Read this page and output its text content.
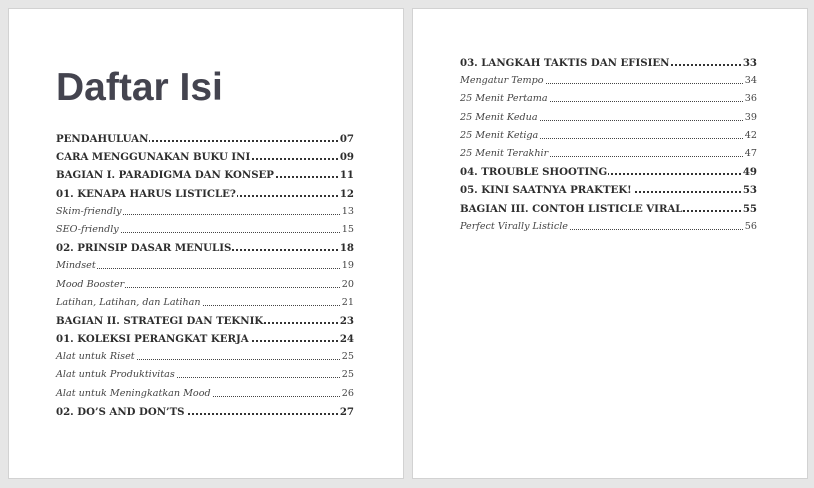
Daftar Isi
PENDAHULUAN	07
CARA MENGGUNAKAN BUKU INI	09
BAGIAN I. PARADIGMA DAN KONSEP	11
01. KENAPA HARUS LISTICLE?	12
Skim-friendly	13
SEO-friendly	15
02. PRINSIP DASAR MENULIS	18
Mindset	19
Mood Booster	20
Latihan, Latihan, dan Latihan	21
BAGIAN II. STRATEGI DAN TEKNIK	23
01. KOLEKSI PERANGKAT KERJA	24
Alat untuk Riset	25
Alat untuk Produktivitas	25
Alat untuk Meningkatkan Mood	26
02. DO’S AND DON’TS	27
03. LANGKAH TAKTIS DAN EFISIEN	33
Mengatur Tempo	34
25 Menit Pertama	36
25 Menit Kedua	39
25 Menit Ketiga	42
25 Menit Terakhir	47
04. TROUBLE SHOOTING	49
05. KINI SAATNYA PRAKTEK!	53
BAGIAN III. CONTOH LISTICLE VIRAL	55
Perfect Virally Listicle	56
